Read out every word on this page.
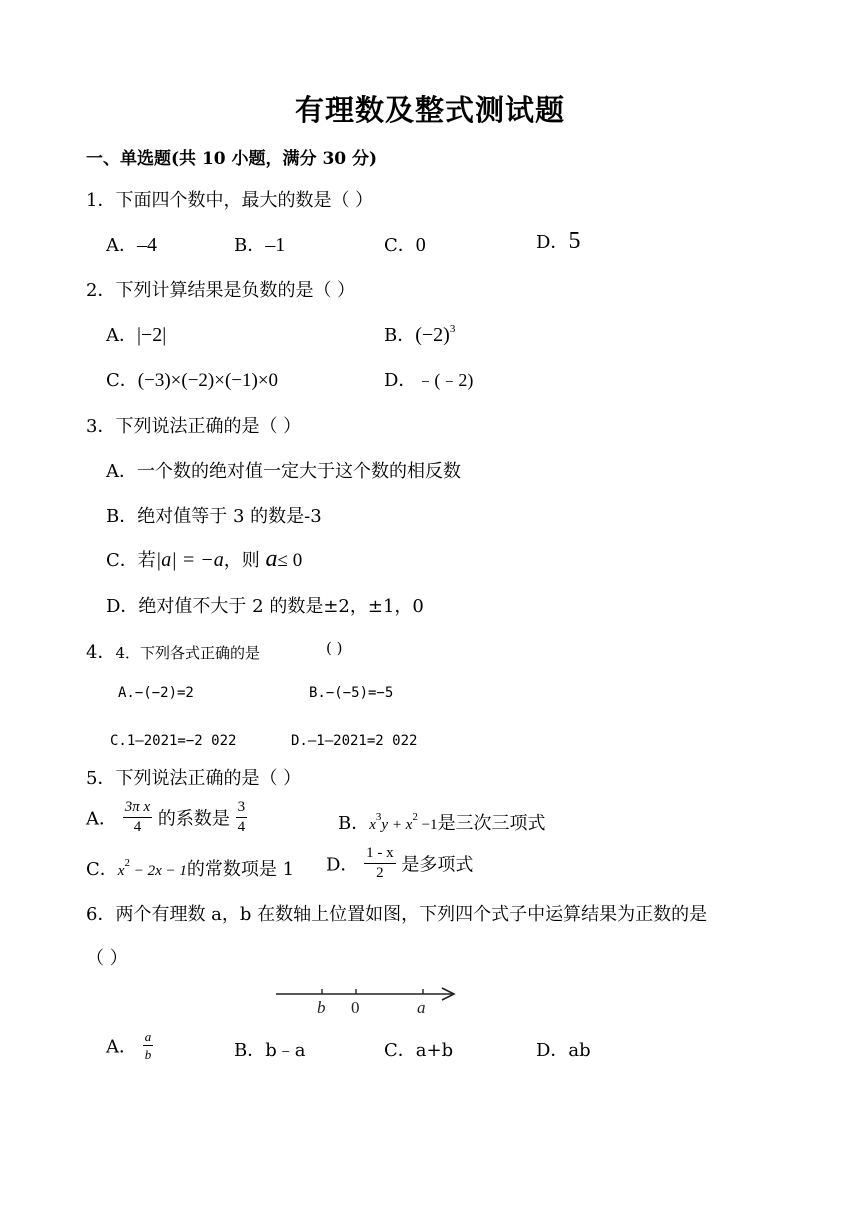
有理数及整式测试题
一、单选题(共 10 小题，满分 30 分)
1．下面四个数中，最大的数是（ ）
A．–4	B．–1	C．0	D．5
2．下列计算结果是负数的是（ ）
A．|−2|	B．$(-2)^3$
C．(−3)×(−2)×(−1)×0	D．﹣(﹣2)
3．下列说法正确的是（ ）
A．一个数的绝对值一定大于这个数的相反数
B．绝对值等于 3 的数是-3
C．若|a| = −a，则 a≤ 0
D．绝对值不大于 2 的数是±2，±1，0
4．4．下列各式正确的是	( )
A.−(−2)=2	B.−(−5)=−5
C.1—2021=−2 022	D.—1—2021=2 022
5．下列说法正确的是（ ）
A． $\frac{\text{3π x}}{4}$ 的系数是 $\frac{3}{4}$	B．$x^3y + x^2 -1$是三次三项式
C．$x^2 - 2x - 1$的常数项是 1 D． $\frac{1 - x}{2}$ 是多项式
6．两个有理数 a，b 在数轴上位置如图，下列四个式子中运算结果为正数的是
（ ）
b 0	a
A． $\frac{a}{b}$	B．b﹣a	C．a+b	D．ab
